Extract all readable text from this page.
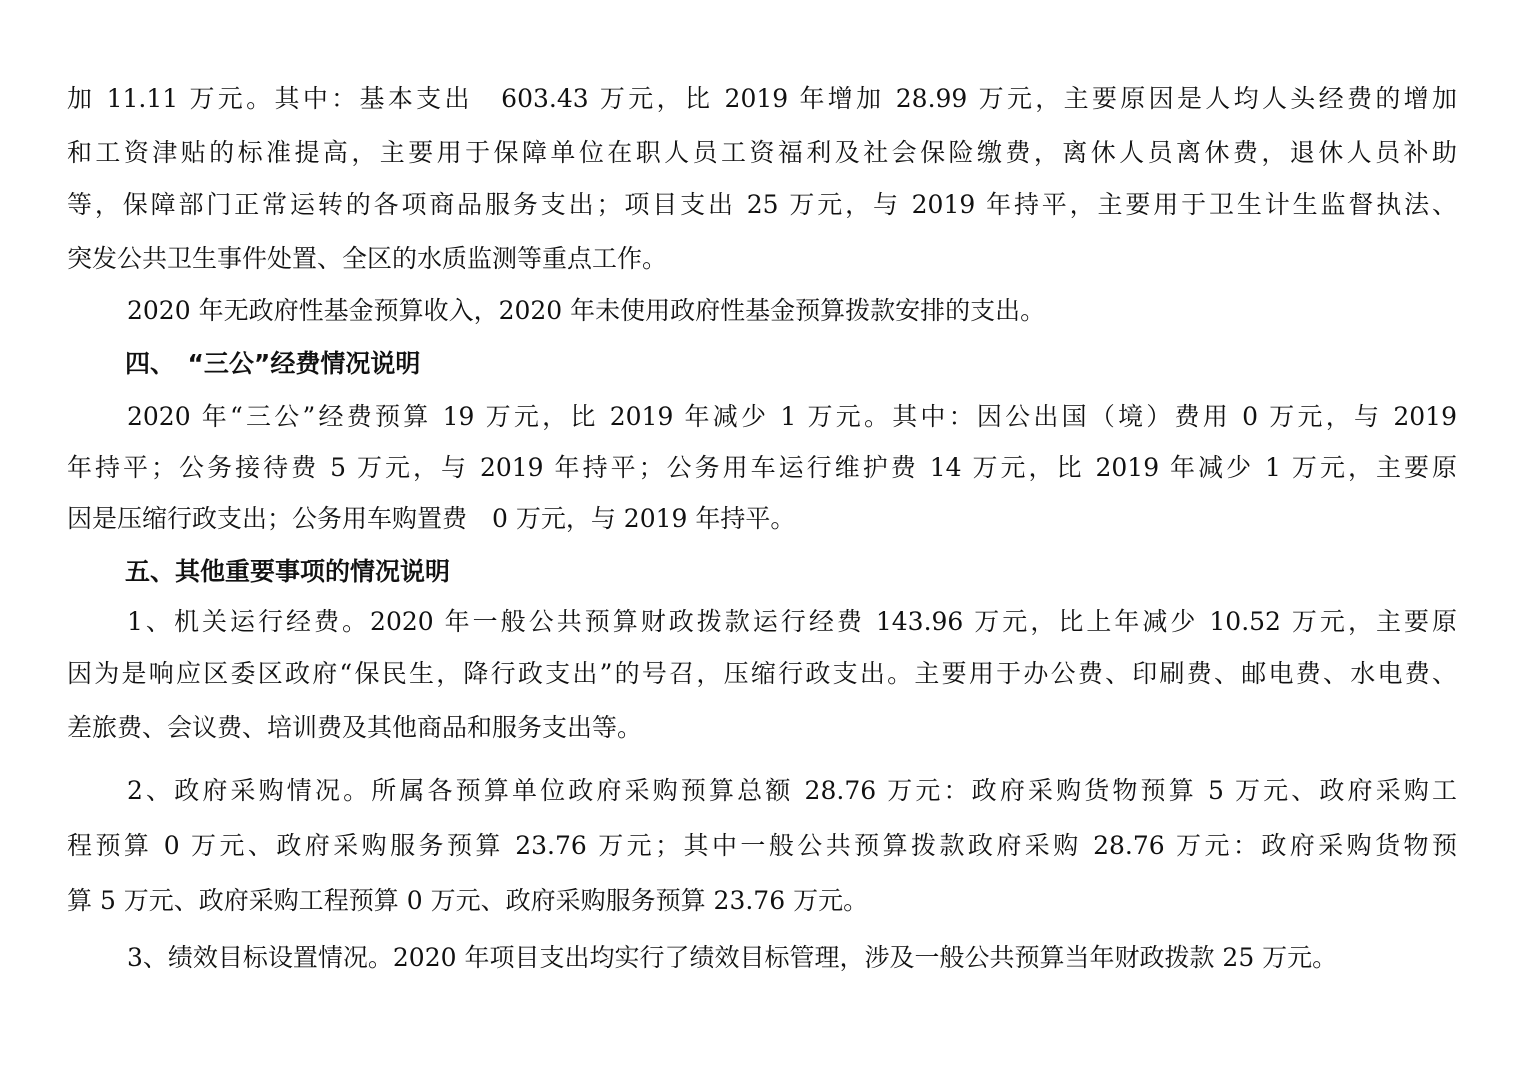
加 11.11 万元。其中：基本支出　603.43 万元，比 2019 年增加 28.99 万元，主要原因是人均人头经费的增加
和工资津贴的标准提高，主要用于保障单位在职人员工资福利及社会保险缴费，离休人员离休费，退休人员补助
等，保障部门正常运转的各项商品服务支出；项目支出 25 万元，与 2019 年持平，主要用于卫生计生监督执法、
突发公共卫生事件处置、全区的水质监测等重点工作。
2020 年无政府性基金预算收入，2020 年未使用政府性基金预算拨款安排的支出。
四、　“三公”经费情况说明
2020 年“三公”经费预算 19 万元，比 2019 年减少 1 万元。其中：因公出国（境）费用 0 万元，与 2019
年持平；公务接待费 5 万元，与 2019 年持平；公务用车运行维护费 14 万元，比 2019 年减少 1 万元，主要原
因是压缩行政支出；公务用车购置费　0 万元，与 2019 年持平。
五、其他重要事项的情况说明
1、机关运行经费。2020 年一般公共预算财政拨款运行经费 143.96 万元，比上年减少 10.52 万元，主要原
因为是响应区委区政府“保民生，降行政支出”的号召，压缩行政支出。主要用于办公费、印刷费、邮电费、水电费、
差旅费、会议费、培训费及其他商品和服务支出等。
2、政府采购情况。所属各预算单位政府采购预算总额 28.76 万元：政府采购货物预算 5 万元、政府采购工
程预算 0 万元、政府采购服务预算 23.76 万元；其中一般公共预算拨款政府采购 28.76 万元：政府采购货物预
算 5 万元、政府采购工程预算 0 万元、政府采购服务预算 23.76 万元。
3、绩效目标设置情况。2020 年项目支出均实行了绩效目标管理，涉及一般公共预算当年财政拨款 25 万元。
